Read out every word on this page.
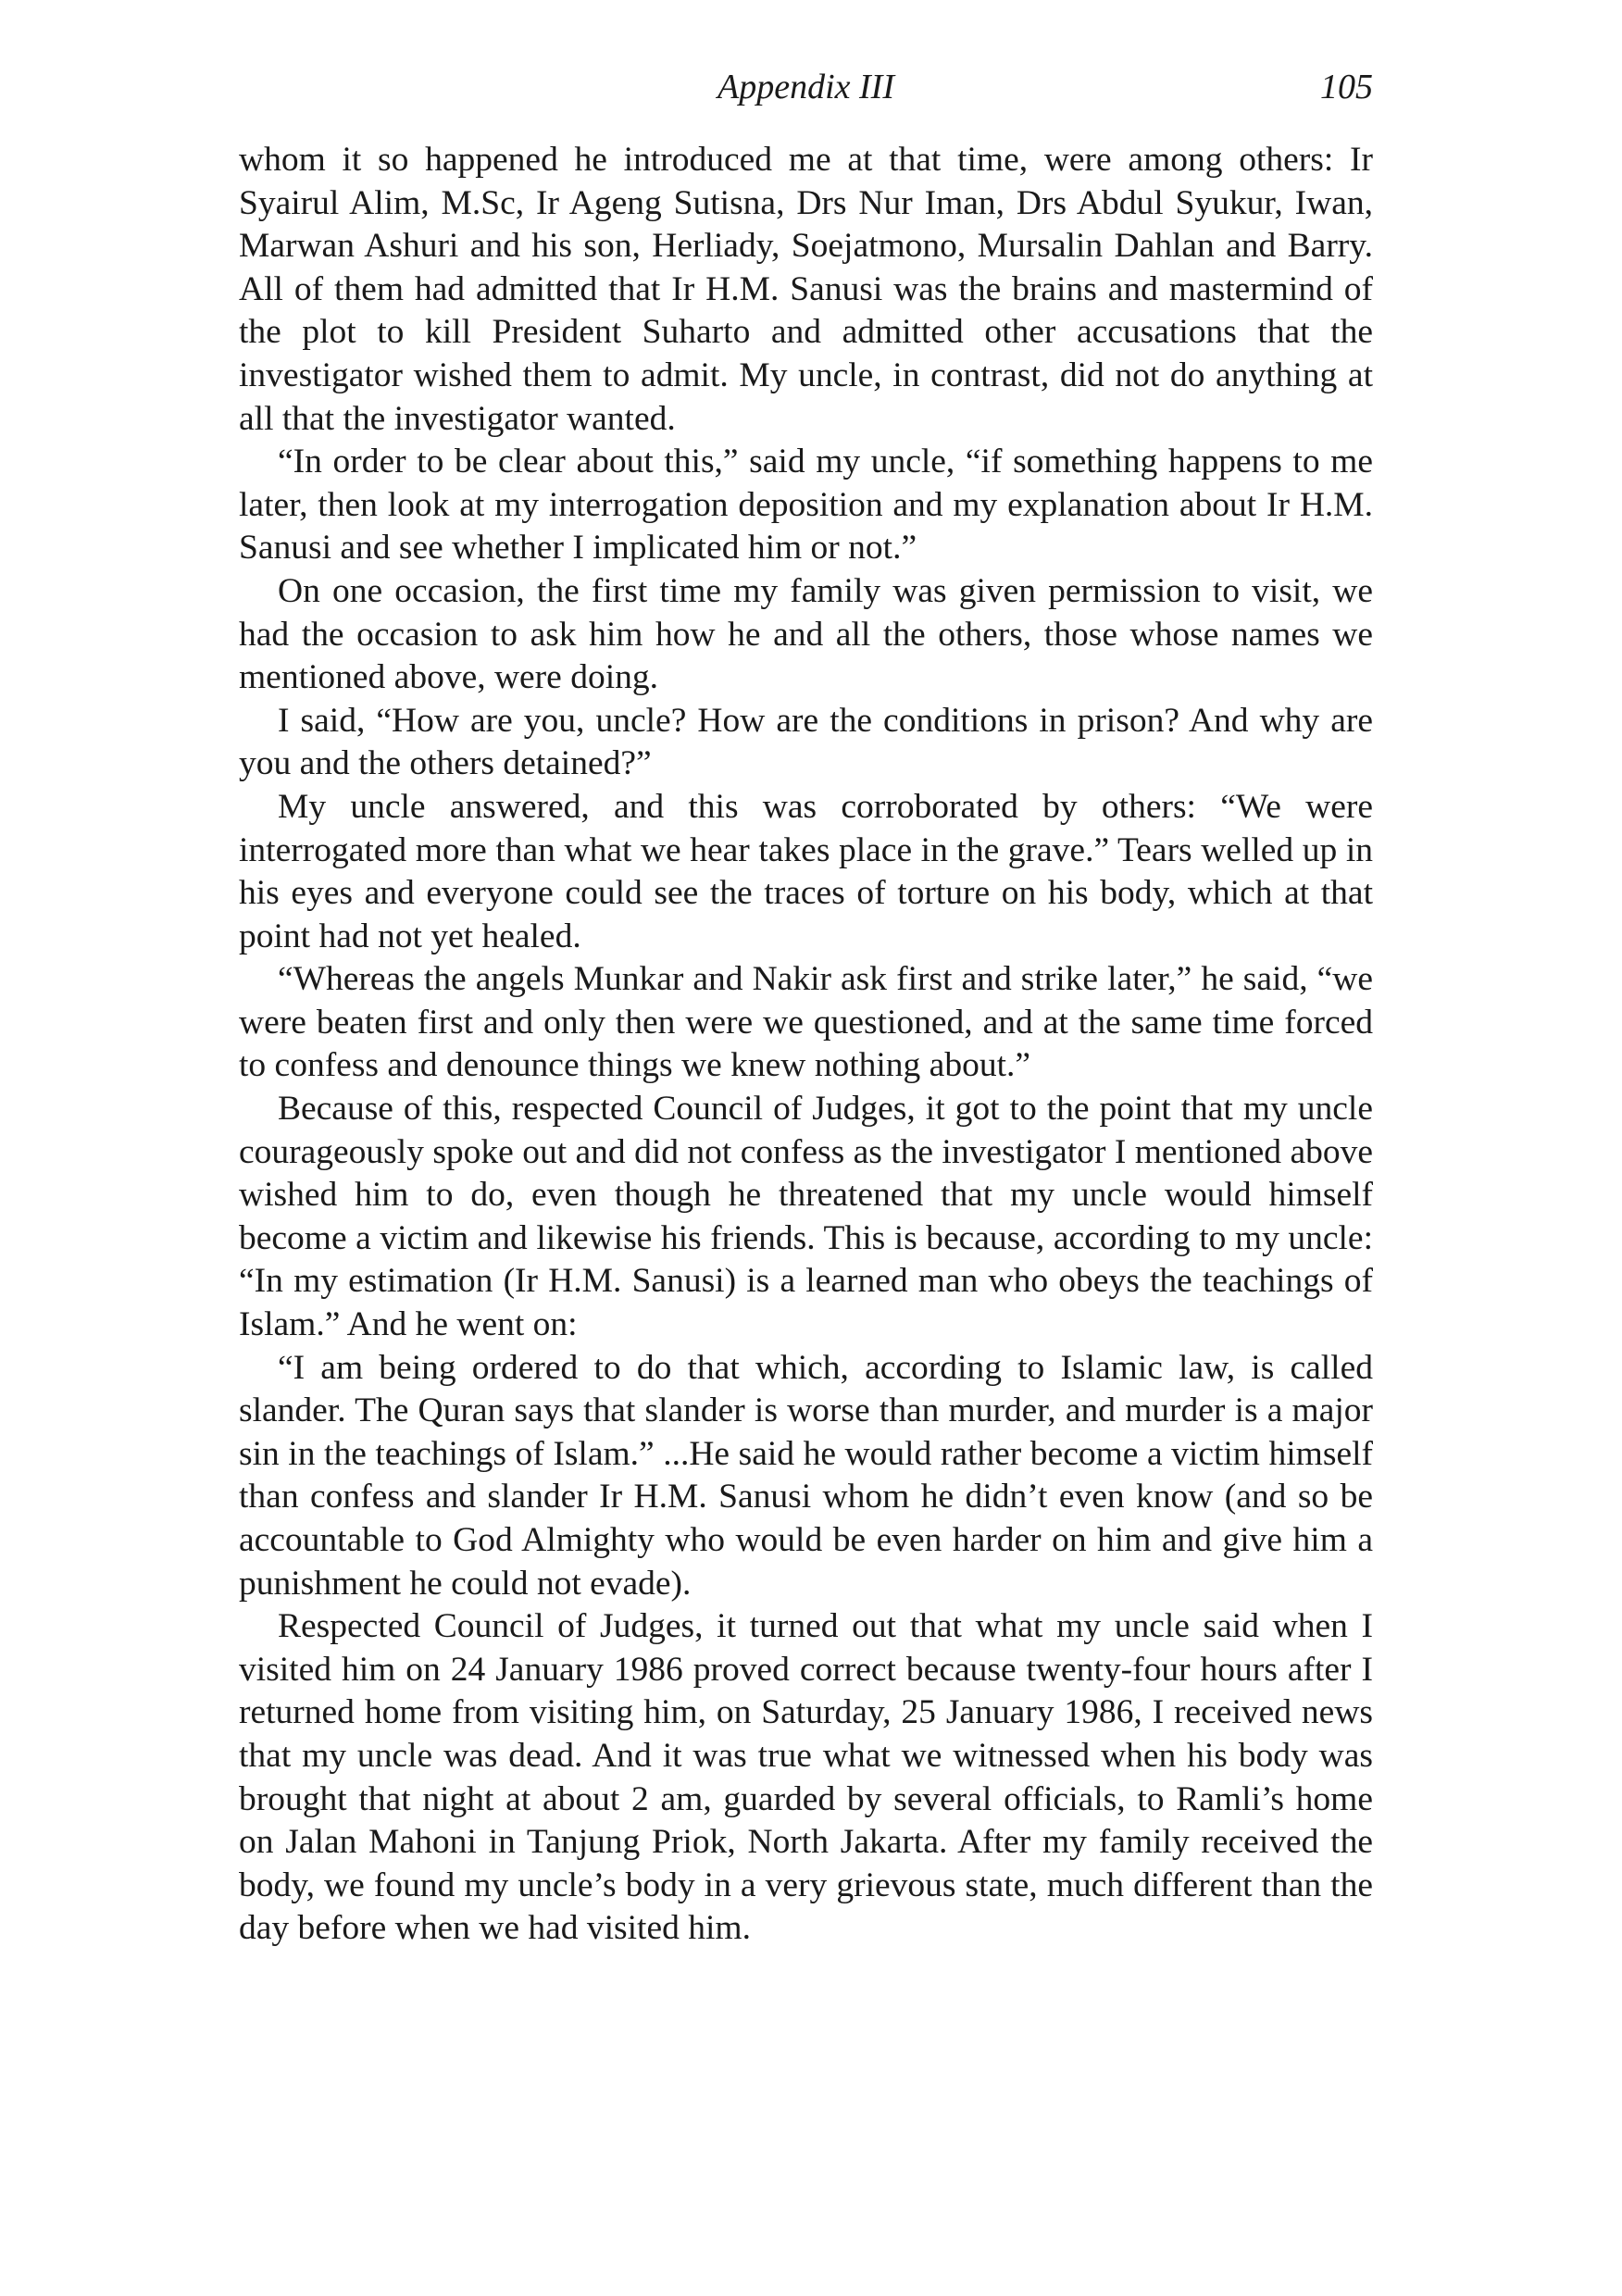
Appendix III	105

whom it so happened he introduced me at that time, were among others: Ir Syairul Alim, M.Sc, Ir Ageng Sutisna, Drs Nur Iman, Drs Abdul Syukur, Iwan, Marwan Ashuri and his son, Herliady, Soejatmono, Mursalin Dahlan and Barry. All of them had admitted that Ir H.M. Sanusi was the brains and mastermind of the plot to kill President Suharto and admitted other accusations that the investigator wished them to admit. My uncle, in contrast, did not do anything at all that the investigator wanted.

“In order to be clear about this,” said my uncle, “if something happens to me later, then look at my interrogation deposition and my explanation about Ir H.M. Sanusi and see whether I implicated him or not.”

On one occasion, the first time my family was given permission to visit, we had the occasion to ask him how he and all the others, those whose names we mentioned above, were doing.

I said, “How are you, uncle? How are the conditions in prison? And why are you and the others detained?”

My uncle answered, and this was corroborated by others: “We were interrogated more than what we hear takes place in the grave.” Tears welled up in his eyes and everyone could see the traces of torture on his body, which at that point had not yet healed.

“Whereas the angels Munkar and Nakir ask first and strike later,” he said, “we were beaten first and only then were we questioned, and at the same time forced to confess and denounce things we knew nothing about.”

Because of this, respected Council of Judges, it got to the point that my uncle courageously spoke out and did not confess as the investigator I mentioned above wished him to do, even though he threatened that my uncle would himself become a victim and likewise his friends. This is because, according to my uncle: “In my estimation (Ir H.M. Sanusi) is a learned man who obeys the teachings of Islam.” And he went on:

“I am being ordered to do that which, according to Islamic law, is called slander. The Quran says that slander is worse than murder, and murder is a major sin in the teachings of Islam.” ...He said he would rather become a victim himself than confess and slander Ir H.M. Sanusi whom he didn’t even know (and so be accountable to God Almighty who would be even harder on him and give him a punishment he could not evade).

Respected Council of Judges, it turned out that what my uncle said when I visited him on 24 January 1986 proved correct because twenty-four hours after I returned home from visiting him, on Saturday, 25 January 1986, I received news that my uncle was dead. And it was true what we witnessed when his body was brought that night at about 2 am, guarded by several officials, to Ramli’s home on Jalan Mahoni in Tanjung Priok, North Jakarta. After my family received the body, we found my uncle’s body in a very grievous state, much different than the day before when we had visited him.
